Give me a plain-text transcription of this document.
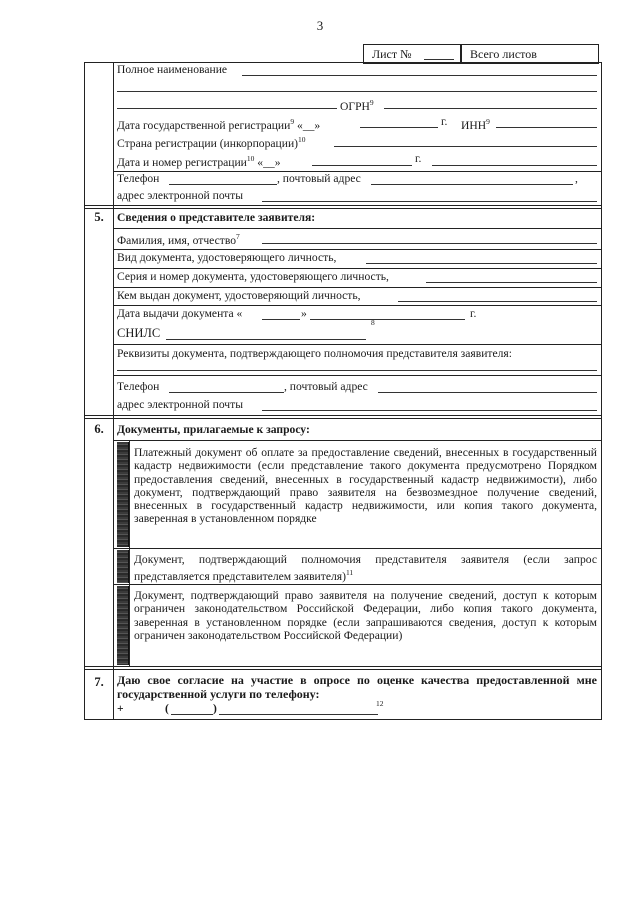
3
Лист №	Всего листов
Полное наименование
ОГРН$^9$
Дата государственной регистрации$^9$ «__»	г. ИНН$^9$
Страна регистрации (инкорпорации)$^{10}$
Дата и номер регистрации$^{10}$ «__»	г.
Телефон	, почтовый адрес	,
адрес электронной почты
5.	Сведения о представителе заявителя:
Фамилия, имя, отчество$^7$
Вид документа, удостоверяющего личность,
Серия и номер документа, удостоверяющего личность,
Кем выдан документ, удостоверяющий личность,
Дата выдачи документа «	»	г.
СНИЛС
8
Реквизиты документа, подтверждающего полномочия представителя заявителя:
Телефон	, почтовый адрес
адрес электронной почты
6.	Документы, прилагаемые к запросу:
Платежный документ об оплате за предоставление сведений, внесенных в государственный кадастр недвижимости (если представление такого документа предусмотрено Порядком предоставления сведений, внесенных в государственный кадастр недвижимости), либо документ, подтверждающий право заявителя на безвозмездное получение сведений, внесенных в государственный кадастр недвижимости, или копия такого документа, заверенная в установленном порядке
Документ, подтверждающий полномочия представителя заявителя (если запрос представляется представителем заявителя)$^{11}$
Документ, подтверждающий право заявителя на получение сведений, доступ к которым ограничен законодательством Российской Федерации, либо копия такого документа, заверенная в установленном порядке (если запрашиваются сведения, доступ к которым ограничен законодательством Российской Федерации)
7.	Даю свое согласие на участие в опросе по оценке качества предоставленной мне государственной услуги по телефону:
+	(	)	12
